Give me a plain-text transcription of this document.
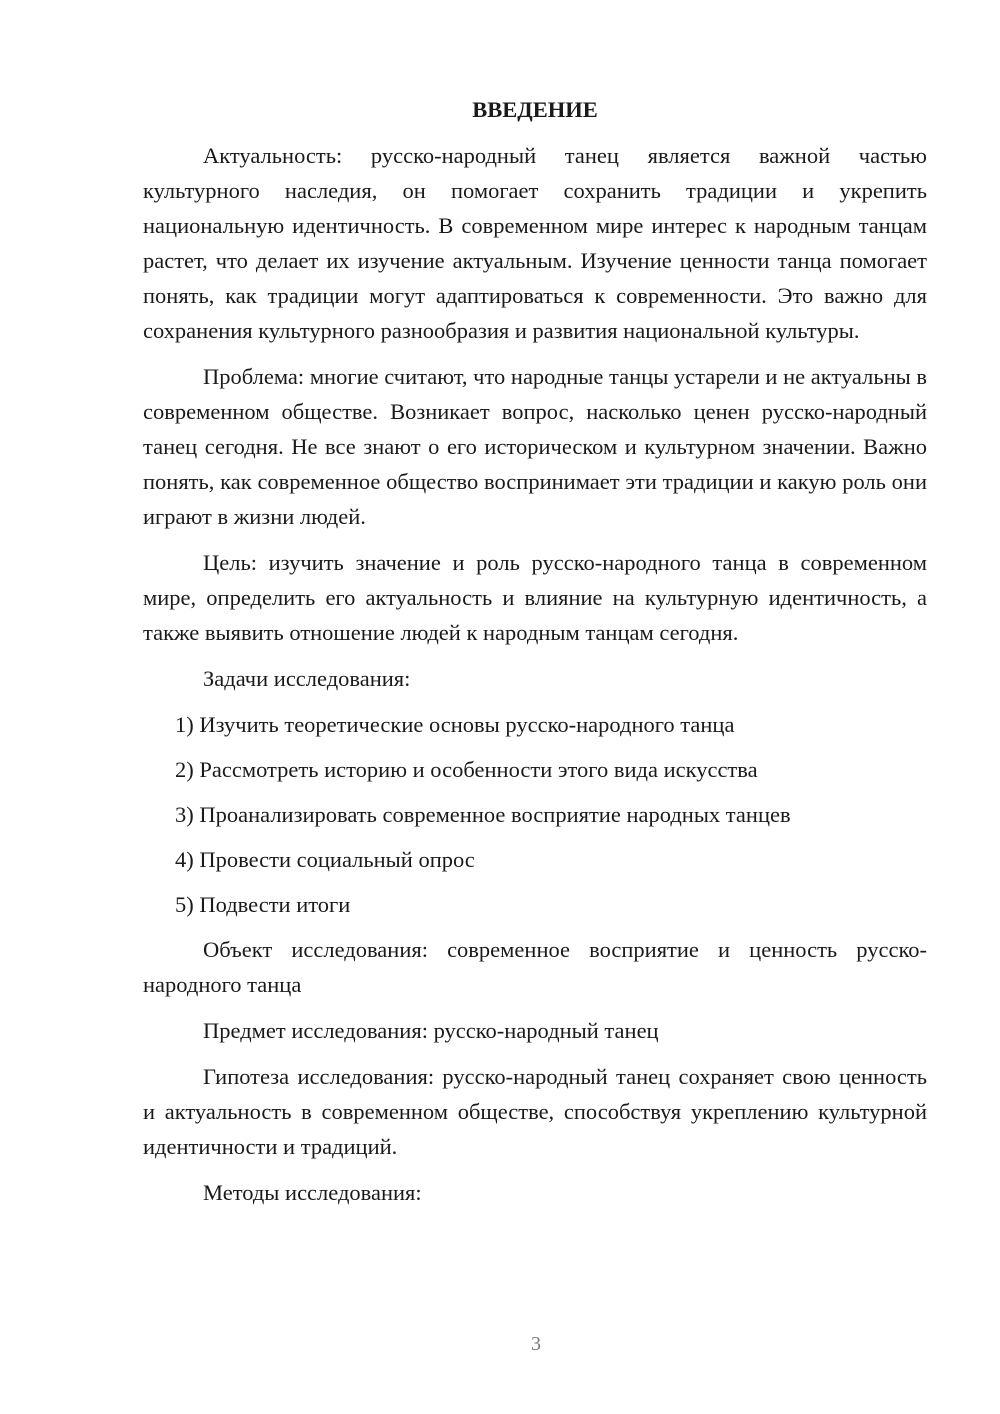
ВВЕДЕНИЕ

Актуальность: русско-народный танец является важной частью культурного наследия, он помогает сохранить традиции и укрепить национальную идентичность. В современном мире интерес к народным танцам растет, что делает их изучение актуальным. Изучение ценности танца помогает понять, как традиции могут адаптироваться к современности. Это важно для сохранения культурного разнообразия и развития национальной культуры.

Проблема: многие считают, что народные танцы устарели и не актуальны в современном обществе. Возникает вопрос, насколько ценен русско-народный танец сегодня. Не все знают о его историческом и культурном значении. Важно понять, как современное общество воспринимает эти традиции и какую роль они играют в жизни людей.

Цель: изучить значение и роль русско-народного танца в современном мире, определить его актуальность и влияние на культурную идентичность, а также выявить отношение людей к народным танцам сегодня.

Задачи исследования:

1) Изучить теоретические основы русско-народного танца

2) Рассмотреть историю и особенности этого вида искусства

3) Проанализировать современное восприятие народных танцев

4) Провести социальный опрос

5) Подвести итоги

Объект исследования: современное восприятие и ценность русско-народного танца

Предмет исследования: русско-народный танец

Гипотеза исследования: русско-народный танец сохраняет свою ценность и актуальность в современном обществе, способствуя укреплению культурной идентичности и традиций.

Методы исследования:

3
